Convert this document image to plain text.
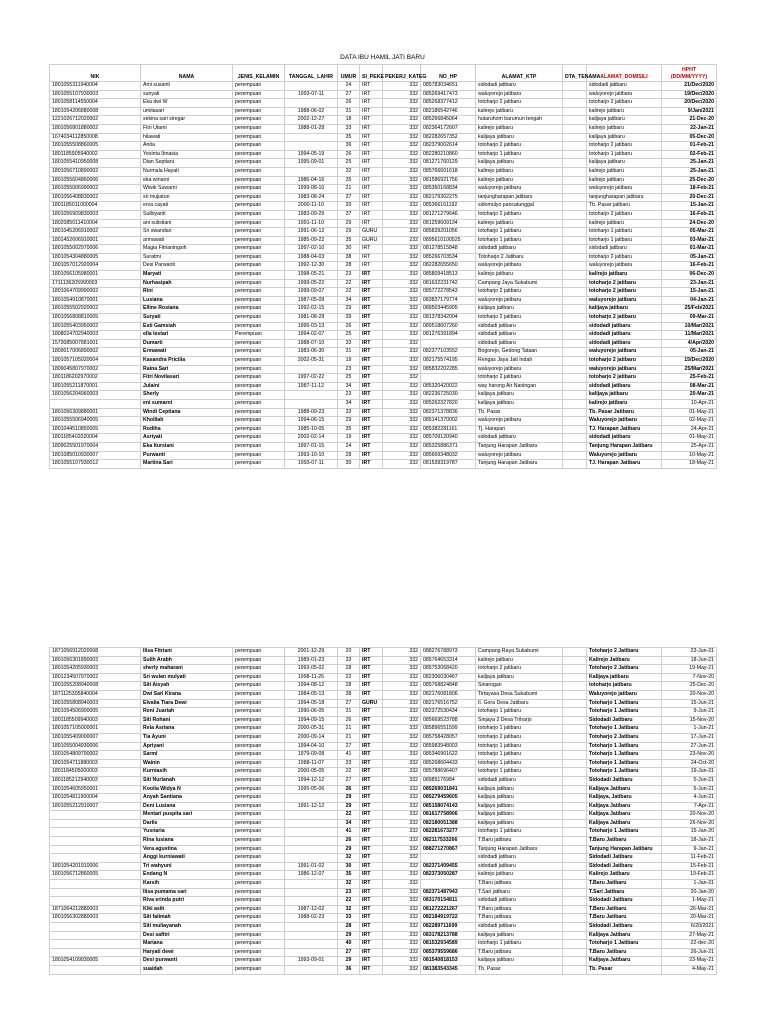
DATA IBU HAMIL JATI BARU
NIK	NAMA	JENIS_KELAMIN	TANGGAL_LAHIR	UMUR	SI_PEKE	PEKERJ_KATEG	NO_HP	ALAMAT_KTP	DTA_TENAMA	ALAMAT_DOMISILI	HPHT (DD/MM/YYYY)
1801055311940004	Ami susanti	perempuan		24	IRT	332	085783034651	sidodadi jatibaru		sidodadi jatibaru	21/Dec/2020
1801055107930003	sunyati	perempuan	1993-07-11	27	IRT	332	085269417473	waluyorejo jatibaru		waluyorejo jatibaru	19/Dec/2020
1801058114550004	Eka dwi W	perempuan		26	IRT	332	085268377412	totoharjo 2 jatibaru		totoharjo 2 jatibaru	20/Dec/2020
1801054206880008	umitasari	perempuan	1988-06-02	31	IRT	332	082186542746	kalirejo jatibaru		kalirejo jatibaru	9/Jan/2021
1221026712020002	sekina sari siregar	perempuan	2002-12-27	18	IRT	332	085266845064	hutaruhom barumun tengah		kalijaya jatibaru	21-Dec-20
1801056801880002	Fitri Utami	perempuan	1988-01-28	33	IRT	332	082364172607	kalirejo jatibaru		kalirejo jatibaru	22-Jan-21
1674034112850008	hilawati	perempuan		35	IRT	332	082282657352	kalijaya jatibaru		kalijaya jatibaru	05-Dec-20
1801055508860005	Anita	perempuan		36	IRT	332	082379002614	totoharjo 2 jatibaru		totoharjo 2 jatibaru	01-Feb-21
1801185905940002	Yesinta Ibnasia	perempuan	1994-05-19	26	IRT	332	082280210860	totoharjo 1 jatibaru		totoharjo 1 jatibaru	02-Feb-21
1801055410950008	Dian Septiani	perempuan	1995-09-01	25	IRT	332	081271760129	kalijaya jatibaru		kalijaya jatibaru	25-Jan-21
1801056710890002	Nurmala Hayati	perempuan		32	IRT	332	085766601618	kalirejo jatibaru		kalirejo jatibaru	25-Jan-21
1801055604860006	eka winarni	perempuan	1986-04-16	35	IRT	332	081586921756	kalirejo jatibaru		kalirejo jatibaru	25-Dec-20
1801055006990002	Wiwik Suwarni	perempuan	1999-08-10	21	IRT	332	085360168834	waluyorejo jatibaru		waluyorejo jatibaru	18-Feb-21
1801056408830002	sri mujiatun	perempuan	1983-08-24	37	IRT	332	082179302275	tanjungharapan jatibaru		tanjungharapan jatibaru	20-Dec-21
1801185011000004	erva cayati	perempuan	2000-11-10	20	IRT	332	085366161192	sidomulyo pancatunggal		Tb. Pasar jatibaru	15-Jan-21
1801056909830003	Sulbiyanti	perempuan	1983-09-29	37	IRT	332	081271279646	totoharjo 2 jatibaru		totoharjo 2 jatibaru	16-Feb-21
1802085011410004	ani sulistiani	perempuan	1991-11-10	29	IRT	332	081259609134	kalirejo jatibaru		kalirejo jatibaru	24-Dec-20
1801045206910002	Sri swandari	perempuan	1991-06-12	29	GURU	332	085839201056	totoharjo 1 jatibaru		totoharjo 1 jatibaru	05-Mar-21
1801452606910001	armawati	perempuan	1985-09-22	35	GURU	232	0895610100525	totoharjo 1 jatibaru		totoharjo 1 jatibaru	03-Mar-21
1801055002970006	Magia Fitrianingsih	perempuan	1997-02-10	30	IRT	332	081278515848	sidodadi jatibaru		sidodadi jatibaru	01-Mar-21
1801054304880005	Suratmi	perempuan	1988-04-03	38	IRT	332	085266703534	Totoharjo 2 Jatibaru		totoharjo 2 jatibaru	05-Jan-21
1801057012920004	Desi Parwanti	perempuan	1992-12-30	28	IRT	332	082282655650	waluyorejo jatibaru		waluyorejo jatibaru	16-Feb-21
1801056105980001	Maryati	perempuan	1998-05-21	23	IRT	332	085809418513	kalirejo jatibaru		kalirejo jatibaru	06-Dec-20
1711136205990003	Nurhasipah	perempuan	1999-05-22	22	IRT	332	081632231742	Campang Jaya Sukabumi		totoharjo 2 jatibaru	23-Jan-21
1801064709990002	Rini	perempuan	1999-09-07	22	IRT	332	085772278543	totoharjo 2 jatibaru		totoharjo 2 jatibaru	15-Jan-21
1801054910870001	Lusiana	perempuan	1987-05-09	34	IRT	332	083837179774	waluyorejo jatibaru		waluyorejo jatibaru	04-Jan-21
1801055502920002	Elline Rosiana	perempuan	1992-02-15	29	IRT	332	089503445905	kalijaya jatibaru		kalijaya jatibaru	25/Feb/2021
1801056808810005	Suryati	perempuan	1981-08-28	39	IRT	332	081378342004	totoharjo 2 jatibaru		totoharjo 2 jatibaru	09-Mar-21
1801055403950002	Esti Gamsiah	perempuan	1995-03-13	26	IRT	332	089518607260	sidodadi jatibaru		sidodadi jatibaru	10/Mar/2021
1808024702940003	ella lestari	Perempuan	1994-02-07	25	IRT	332	081276391894	sidodadi jatibaru		sidodadi jatibaru	11/Mar/2021
1573085007881001	Dumarti	perempuan	1988-07-10	33	IRT	332		sidodadi jatibaru		sidodadi jatibaru	4/Apr/2020
1809017006890002	Ermawati	perempuan	1983-06-30	31	IRT	332	082377103552	Bogorejo, Gedong Tataan		waluyorejo jatibaru	05-Jan-21
1801057105020004	Kasandra Pricilia	perempuan	2002-05-31	19	IRT	332	082175574195	Rengas Jaya Jati Indah		totoharjo 2 jatibaru	15/Dec/2020
1809045807970002	Raina Sari	perempuan		23	IRT	332	085832202285	waluyorejo jatibaru		waluyorejo jatibaru	25/Mar/2021
1801186202970002	Fitri Novilasari	perempuan	1997-02-22	25	IRT	332		totoharjo 2 jatibaru		totoharjo 2 jatibaru	25-Feb-21
1801055211870001	Julaini	perempuan	1987-11-12	34	IRT	332	085320420022	way harong Air Naningan		sidodadi jatibaru	08-Mar-21
1801056204960003	Sherly	perempuan		23	IRT	332	082236725030	kalijaya jatibaru		kalijaya jatibaru	20-Mar-21
	eni sumarni	perempuan		34	IRT	332	085262327820	kalijaya jatibaru		kalirejo jatibaru	10-Apr-21
1801056309880001	Windi Ceptiana	perempuan	1988-09-23	33	IRT	332	082371378836	Tb. Pasar		Tb. Pasar Jatibaru	01-May-21
1801055506940005	Kholilah	perempuan	1994-06-15	29	IRT	332	085141370002	waluyorejo jatibaru		Waluyorejo jatibaru	02-May-21
1801044510850005	Rodiha	perempuan	1985-10-05	35	IRT	332	085382281161	Tj. Harapan		TJ. Harapan Jatibaru	24-Apr-21
1801185402020004	Asriyati	perempuan	2002-02-14	19	IRT	332	085709120940	sidodadi jatibaru		sidodadi jatibaru	01-May-21
1809025501970004	Eka Itursiani	perempuan	1997-01-15	24	IRT	332	085325886371	Tanjung Harapan Jatibaru		Tanjung Harapan Jatibaru	25-Apr-21
1801085010930007	Purwanti	perempuan	1993-10-10	28	IRT	332	085669348032	waluyorejo jatibaru		Waluyorejo jatibaru	10-May-21
1801055107930012	Martina Sari	perempuan	1993-07-11	30	IRT	332	081539319787	Tanjung Harapan Jatibaru		TJ. Harapan Jatibaru	18-May-21
1871056912020008	Ilisa Fitriani	perempuan	2001-12-29	20	IRT	332	088276788973	Campang Raya Sukabumi		Totoharjo 2 Jatibaru	23-Jun-21
1801056301890003	Sulih Arabh	perempuan	1989-01-23	33	IRT	332	085764653314	kalirejo jatibaru		Kalirejo Jatibaru	18-Jun-21
1801054205930003	sherly maharani	perempuan	1993-05-02	28	IRT	332	085753068420	totoharjo 2 jatibaru		Totoharjo 2 Jatibaru	19-May-21
1801234507970002	Sri wulan mulyati	perempuan	1998-11-26	22	IRT	332	082306030467	kalijaya jatibaru		Kalijaya jatibaru	7-Nov-20
1801055208940008	Siti Aisyah	perempuan	1994-08-12	28	IRT	332	085768824848	Sinarogan		totoharjo jatibaru	25-Dec-20
1871125305840004	Dwi Sari Kirana	perempuan	1984-05-13	38	IRT	332	082176081806	Tirtayasa Desa Sukabumi		Waluyorejo jatibaru	20-Nov-20
1801055808940003	Elvalia Tiara Dewi	perempuan	1994-05-18	27	GURU	332	082176516752	Il. Gora Desa Jatibaru		Totoharjo 1 Jatibaru	15-Jun-21
1801054506900005	Reni Juariah	perempuan	1990-06-05	31	IRT	332	082372530434	totoharjo 1 jatibaru		Totoharjo 1 Jatibaru	9-Jun-21
1801185509940003	Siti Rohani	perempuan	1994-09-15	26	IRT	332	085669523788	Sinjaya 2 Desa Triharjo		Sidodadi Jatibaru	15-Nov-20
1801057105000001	Rela Asriana	perempuan	2000-05-31	21	IRT	332	085896551599	totoharjo 1 jatibaru		Totoharjo 1 Jatibaru	1-Jun-21
1801055409000007	Tia Ayuni	perempuan	2000-09-14	21	IRT	332	085758428057	totoharjo 2 jatibaru		Totoharjo 2 Jatibaru	17-Jun-21
1801055004930006	Apriyani	perempuan	1994-04-10	27	IRT	332	085983948003	totoharjo 1 jatibaru		Totoharjo 1 Jatibaru	27-Jun-21
1801054809790002	Sarmi	perempuan	1979-09-08	41	IRT	332	085346901622	totoharjo 1 jatibaru		Totoharjo 1 Jatibaru	23-Nov-20
1801054711880003	Wainin	perempuan	1988-11-07	33	IRT	332	085268604433	totoharjo 1 jatibaru		Totoharjo 1 Jatibaru	24-Oct-20
1801184505000003	Kurniasih	perempuan	2000-05-05	22	IRT	332	085788696407	totoharjo 1 jatibaru		Totoharjo 1 Jatibaru	19-Jun-21
1801185212940003	Siti Nurlanah	perempuan	1994-12-12	27	IRT	332	08989176984	sidodadi jatibaru		Sidodadi Jatibaru	5-Jun-21
1801054605950001	Koolia Widya N	perempuan	1995-05-06	26	IRT	332	085269031841	kalijaya jatibaru		Kalijaya Jatibaru	5-Jun-21
1801054811900004	Anyah Santiana	perempuan		29	IRT	332	085279459605	kalijaya jatibaru		Kalijaya, Jatibaru	4-Jun-21
1801055212910007	Deni Lusiana	perempuan	1991-12-12	29	IRT	332	085158074143	kalijaya jatibaru		Kalijaya Jatibaru	7-Apr-21
	Mentari puspita sari	perempuan		22	IRT	332	081617758906	kalijaya jatibaru		Kalijaya Jatibaru	20-Nov-20
	Darlis	perempuan		34	IRT	332	082180051388	kalijaya jatibaru		Kalijaya Jatibaru	26-Nov-20
	Yusnaria	perempuan		41	IRT	332	082281673277	totoharjo 1 jatibaru		Totoharjo 1 Jatibaru	15-Jan-20
	Rina lusiana	perempuan		26	IRT	332	082117533266	T.Baru jatibaru		T.Baru Jatibaru	18-Jan-21
	Vera agustina	perempuan		29	IRT	332	088271270867	Tanjung Harapan Jatibaru		Tanjung Harapan Jatibaru	9-Jan-21
	Anggi kurniawati	perempuan		32	IRT	332		sidodadi jatibaru		Sidodadi Jatibaru	11-Feb-21
1801054201910006	Tri wahyuni	perempuan	1991-01-02	30	IRT	332	082371409455	sidodadi jatibaru		Sidodadi Jatibaru	15-Feb-21
1801056712860005	Endang N	perempuan	1986-12-07	35	IRT	332	082373050287	kalirejo jatibaru		Kalirejo Jatibaru	19-Feb-21
	Karsih	perempuan		32	IRT	332		T.Baru jatibaru		T.Baru Jatibaru	1-Jan-21
	Ilisa pumama sari	perempuan		23	IRT	332	082371487943	T.Sari jatibaru		T.Sari Jatibaru	20-Jan-20
	Riva erinda putri	perempuan		22	IRT	332	083170154811	sidodadi jatibaru		Sidodadi Jatibaru	1-May-21
1871064212880003	Kiki asih	perempuan	1987-12-02	32	IRT	332	081272221267	T.Baru jatibaru		T.Baru Jatibaru	26-Mar-21
1801056302880003	Siti falimah	perempuan	1988-02-23	33	IRT	332	082184919722	T.Baru jatibaru		T.Baru Jatibaru	20-Mar-21
	Siti muliayanah	perempuan		28	IRT	332	082289711699	sidodadi jatibaru		Sidodadi Jatibaru	6/20/2021
	Desi safitri	perempuan		29	IRT	332	083178213788	kalijaya jatibaru		Kalijaya Jatibaru	27-May-21
	Mariana	perempuan		40	IRT	332	081532934589	totoharjo 1 jatibaru		Totoharjo 1 Jatibaru	22-dec-20
	Haryati dewi	perempuan		27	IRT	332	085379559686	T.Baru jatibaru		T.Baru Jatibaru	26-Jun-21
1801054109930005	Desi purwanti	perempuan	1993-09-01	29	IRT	332	081540818153	kalijaya jatibaru		Kalijaya Jatibaru	23-May-21
	suaidah	perempuan		36	IRT	332	081383543345	Tb. Pasar		Tb. Pasar	4-May-21
